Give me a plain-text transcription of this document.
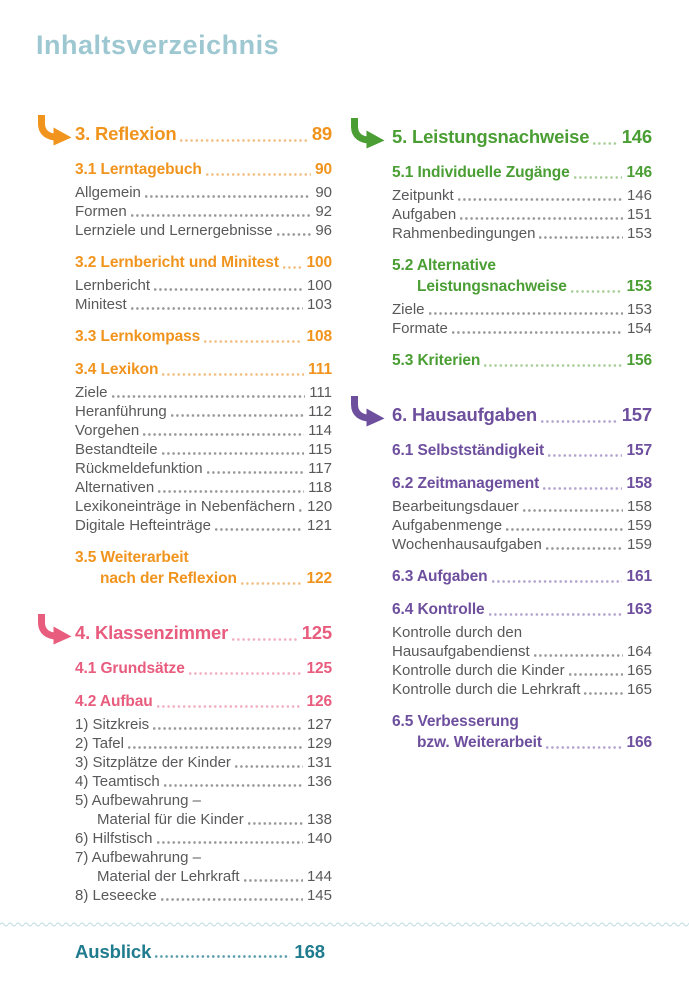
Inhaltsverzeichnis
3. Reflexion	89
3.1 Lerntagebuch	90
Allgemein	90
Formen	92
Lernziele und Lernergebnisse	96
3.2 Lernbericht und Minitest 100
Lernbericht	100
Minitest	103
3.3 Lernkompass	108
3.4 Lexikon	111
Ziele	111
Heranführung	112
Vorgehen	114
Bestandteile	115
Rückmeldefunktion	117
Alternativen	118
Lexikoneinträge in Nebenfächern 120
Digitale Hefteinträge	121
3.5 Weiterarbeit
nach der Reflexion	122
4. Klassenzimmer	125
4.1 Grundsätze	125
4.2 Aufbau	126
1) Sitzkreis	127
2) Tafel	129
3) Sitzplätze der Kinder	131
4) Teamtisch	136
5) Aufbewahrung –
Material für die Kinder	138
6) Hilfstisch	140
7) Aufbewahrung –
Material der Lehrkraft	144
8) Leseecke	145
5. Leistungsnachweise 146
5.1 Individuelle Zugänge	146
Zeitpunkt	146
Aufgaben	151
Rahmenbedingungen	153
5.2 Alternative
Leistungsnachweise	153
Ziele	153
Formate	154
5.3 Kriterien	156
6. Hausaufgaben	157
6.1 Selbstständigkeit	157
6.2 Zeitmanagement	158
Bearbeitungsdauer	158
Aufgabenmenge	159
Wochenhausaufgaben	159
6.3 Aufgaben	161
6.4 Kontrolle	163
Kontrolle durch den
Hausaufgabendienst	164
Kontrolle durch die Kinder	165
Kontrolle durch die Lehrkraft	165
6.5 Verbesserung
bzw. Weiterarbeit	166
Ausblick	168
